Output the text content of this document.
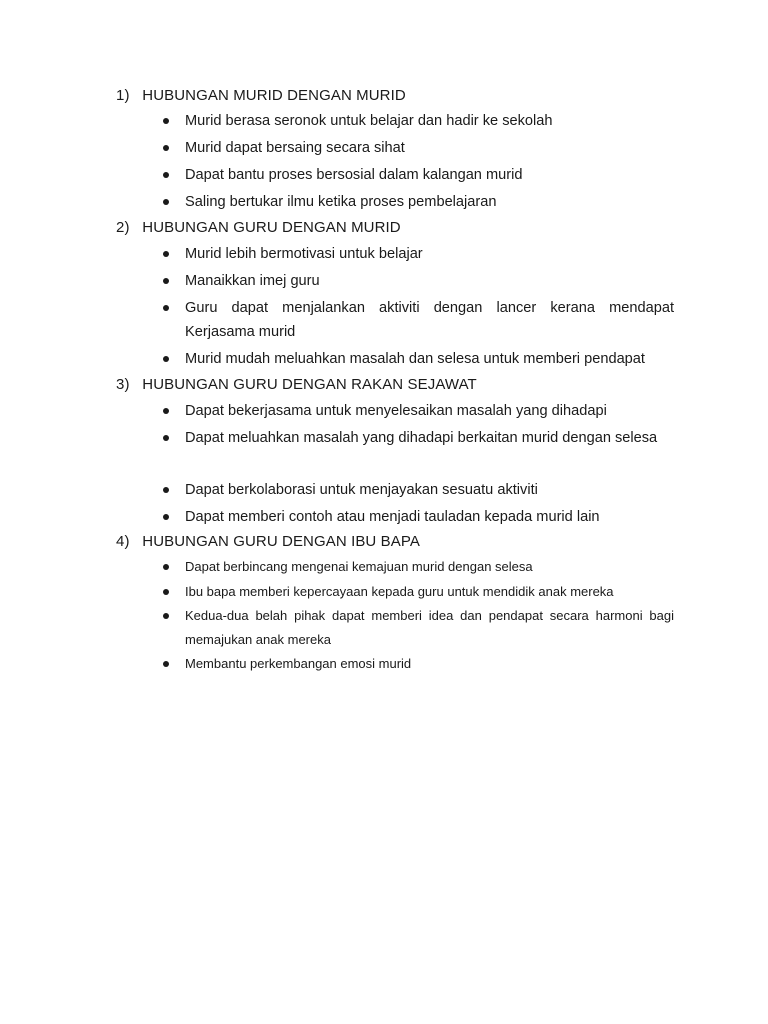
1) HUBUNGAN MURID DENGAN MURID
Murid berasa seronok untuk belajar dan hadir ke sekolah
Murid dapat bersaing secara sihat
Dapat bantu proses bersosial dalam kalangan murid
Saling bertukar ilmu ketika proses pembelajaran
2) HUBUNGAN GURU DENGAN MURID
Murid lebih bermotivasi untuk belajar
Manaikkan imej guru
Guru dapat menjalankan aktiviti dengan lancer kerana mendapat Kerjasama murid
Murid mudah meluahkan masalah dan selesa untuk memberi pendapat
3) HUBUNGAN GURU DENGAN RAKAN SEJAWAT
Dapat bekerjasama untuk menyelesaikan masalah yang dihadapi
Dapat meluahkan masalah yang dihadapi berkaitan murid dengan selesa
Dapat berkolaborasi untuk menjayakan sesuatu aktiviti
Dapat memberi contoh atau menjadi tauladan kepada murid lain
4) HUBUNGAN GURU DENGAN IBU BAPA
Dapat berbincang mengenai kemajuan murid dengan selesa
Ibu bapa memberi kepercayaan kepada guru untuk mendidik anak mereka
Kedua-dua belah pihak dapat memberi idea dan pendapat secara harmoni bagi memajukan anak mereka
Membantu perkembangan emosi murid
